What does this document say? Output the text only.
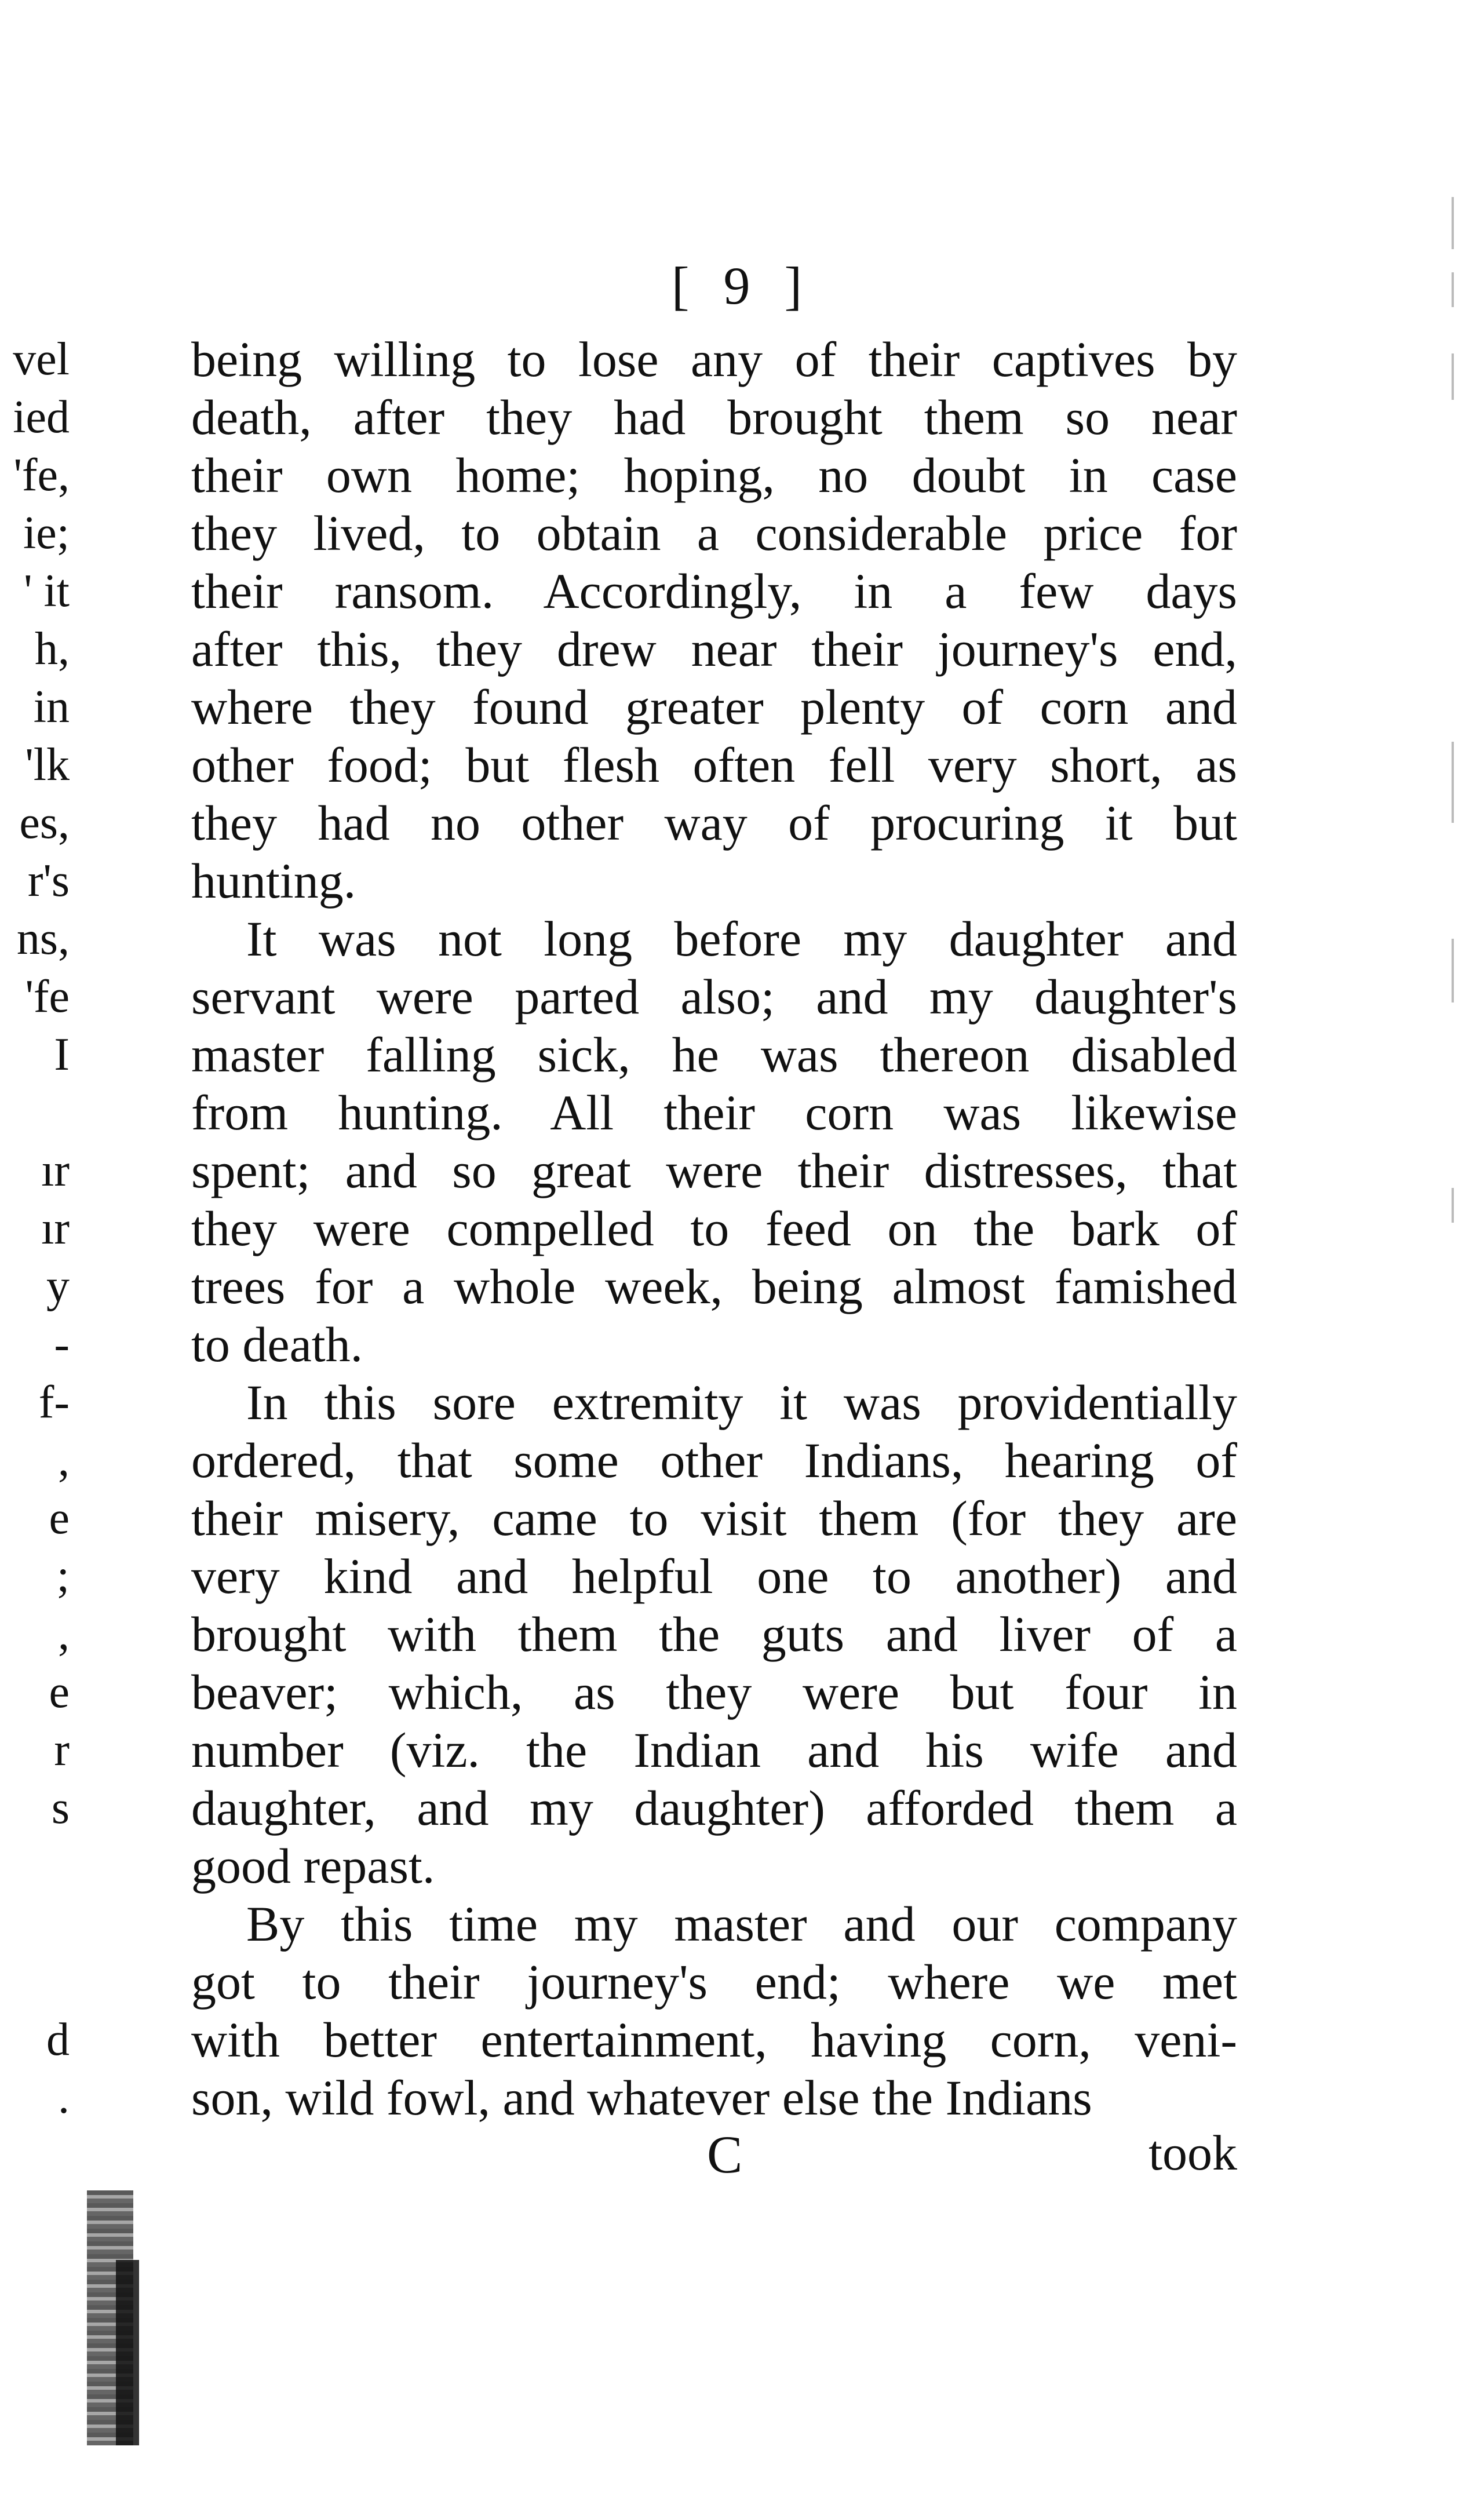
[ 9 ]
vel
ied
'fe,
ie;
' it
h,
in
'lk
es,
r's
ns,
'fe
I
ır
ır
y
-
f-
,
e
;
,
e
r
s
d
.
being willing to lose any of their captives by
death, after they had brought them so near
their own home; hoping, no doubt in case
they lived, to obtain a considerable price for
their ransom. Accordingly, in a few days
after this, they drew near their journey's end,
where they found greater plenty of corn and
other food; but flesh often fell very short, as
they had no other way of procuring it but
hunting.
It was not long before my daughter and
servant were parted also; and my daughter's
master falling sick, he was thereon disabled
from hunting. All their corn was likewise
spent; and so great were their distresses, that
they were compelled to feed on the bark of
trees for a whole week, being almost famished
to death.
In this sore extremity it was providentially
ordered, that some other Indians, hearing of
their misery, came to visit them (for they are
very kind and helpful one to another) and
brought with them the guts and liver of a
beaver; which, as they were but four in
number (viz. the Indian and his wife and
daughter, and my daughter) afforded them a
good repast.
By this time my master and our company
got to their journey's end; where we met
with better entertainment, having corn, veni-
son, wild fowl, and whatever else the Indians
C	took
